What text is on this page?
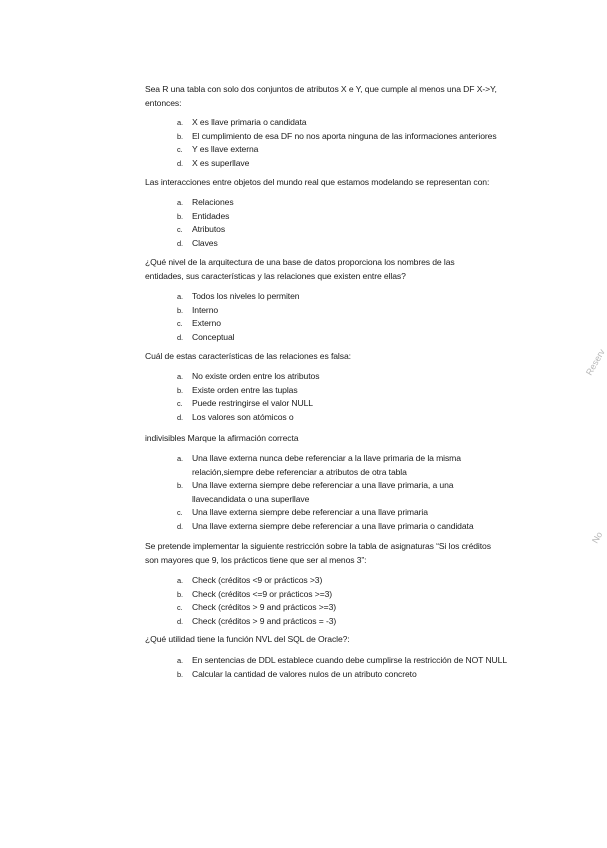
Sea R una tabla con solo dos conjuntos de atributos X e Y, que cumple al menos una DF X->Y, entonces:
a.	X es llave primaria o candidata
b.	El cumplimiento de esa DF no nos aporta ninguna de las informaciones anteriores
c.	Y es llave externa
d.	X es superllave
Las interacciones entre objetos del mundo real que estamos modelando se representan con:
a.	Relaciones
b.	Entidades
c.	Atributos
d.	Claves
¿Qué nivel de la arquitectura de una base de datos proporciona los nombres de las entidades, sus características y las relaciones que existen entre ellas?
a.	Todos los niveles lo permiten
b.	Interno
c.	Externo
d.	Conceptual
Cuál de estas características de las relaciones es falsa:
a.	No existe orden entre los atributos
b.	Existe orden entre las tuplas
c.	Puede restringirse el valor NULL
d.	Los valores son atómicos o
indivisibles Marque la afirmación correcta
a.	Una llave externa nunca debe referenciar a la llave primaria de la misma relación,siempre debe referenciar a atributos de otra tabla
b.	Una llave externa siempre debe referenciar a una llave primaria, a una llavecandidata o una superllave
c.	Una llave externa siempre debe referenciar a una llave primaria
d.	Una llave externa siempre debe referenciar a una llave primaria o candidata
Se pretende implementar la siguiente restricción sobre la tabla de asignaturas “Si los créditos son mayores que 9, los prácticos tiene que ser al menos 3”:
a.	Check (créditos <9 or prácticos >3)
b.	Check (créditos <=9 or prácticos >=3)
c.	Check (créditos > 9 and prácticos >=3)
d.	Check (créditos > 9 and prácticos = -3)
¿Qué utilidad tiene la función NVL del SQL de Oracle?:
a.	En sentencias de DDL establece cuando debe cumplirse la restricción de NOT NULL
b.	Calcular la cantidad de valores nulos de un atributo concreto
Reserv
No
